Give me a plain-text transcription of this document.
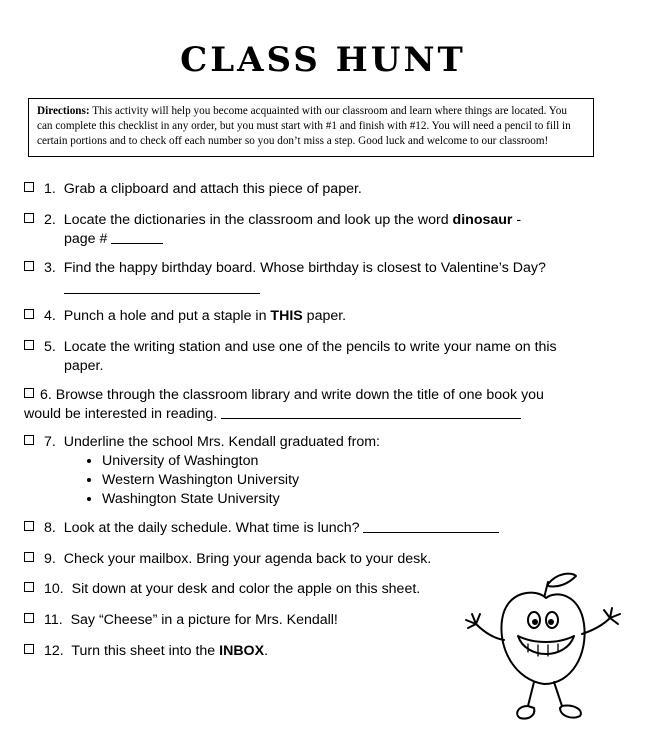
CLASS HUNT
Directions: This activity will help you become acquainted with our classroom and learn where things are located. You can complete this checklist in any order, but you must start with #1 and finish with #12. You will need a pencil to fill in certain portions and to check off each number so you don’t miss a step. Good luck and welcome to our classroom!
1. Grab a clipboard and attach this piece of paper.
2. Locate the dictionaries in the classroom and look up the word dinosaur -
page #
3. Find the happy birthday board. Whose birthday is closest to Valentine’s Day?
4. Punch a hole and put a staple in THIS paper.
5. Locate the writing station and use one of the pencils to write your name on this
paper.
6. Browse through the classroom library and write down the title of one book you
would be interested in reading.
7. Underline the school Mrs. Kendall graduated from:
• University of Washington
• Western Washington University
• Washington State University
8. Look at the daily schedule. What time is lunch?
9. Check your mailbox. Bring your agenda back to your desk.
10. Sit down at your desk and color the apple on this sheet.
11. Say “Cheese” in a picture for Mrs. Kendall!
12. Turn this sheet into the INBOX.
